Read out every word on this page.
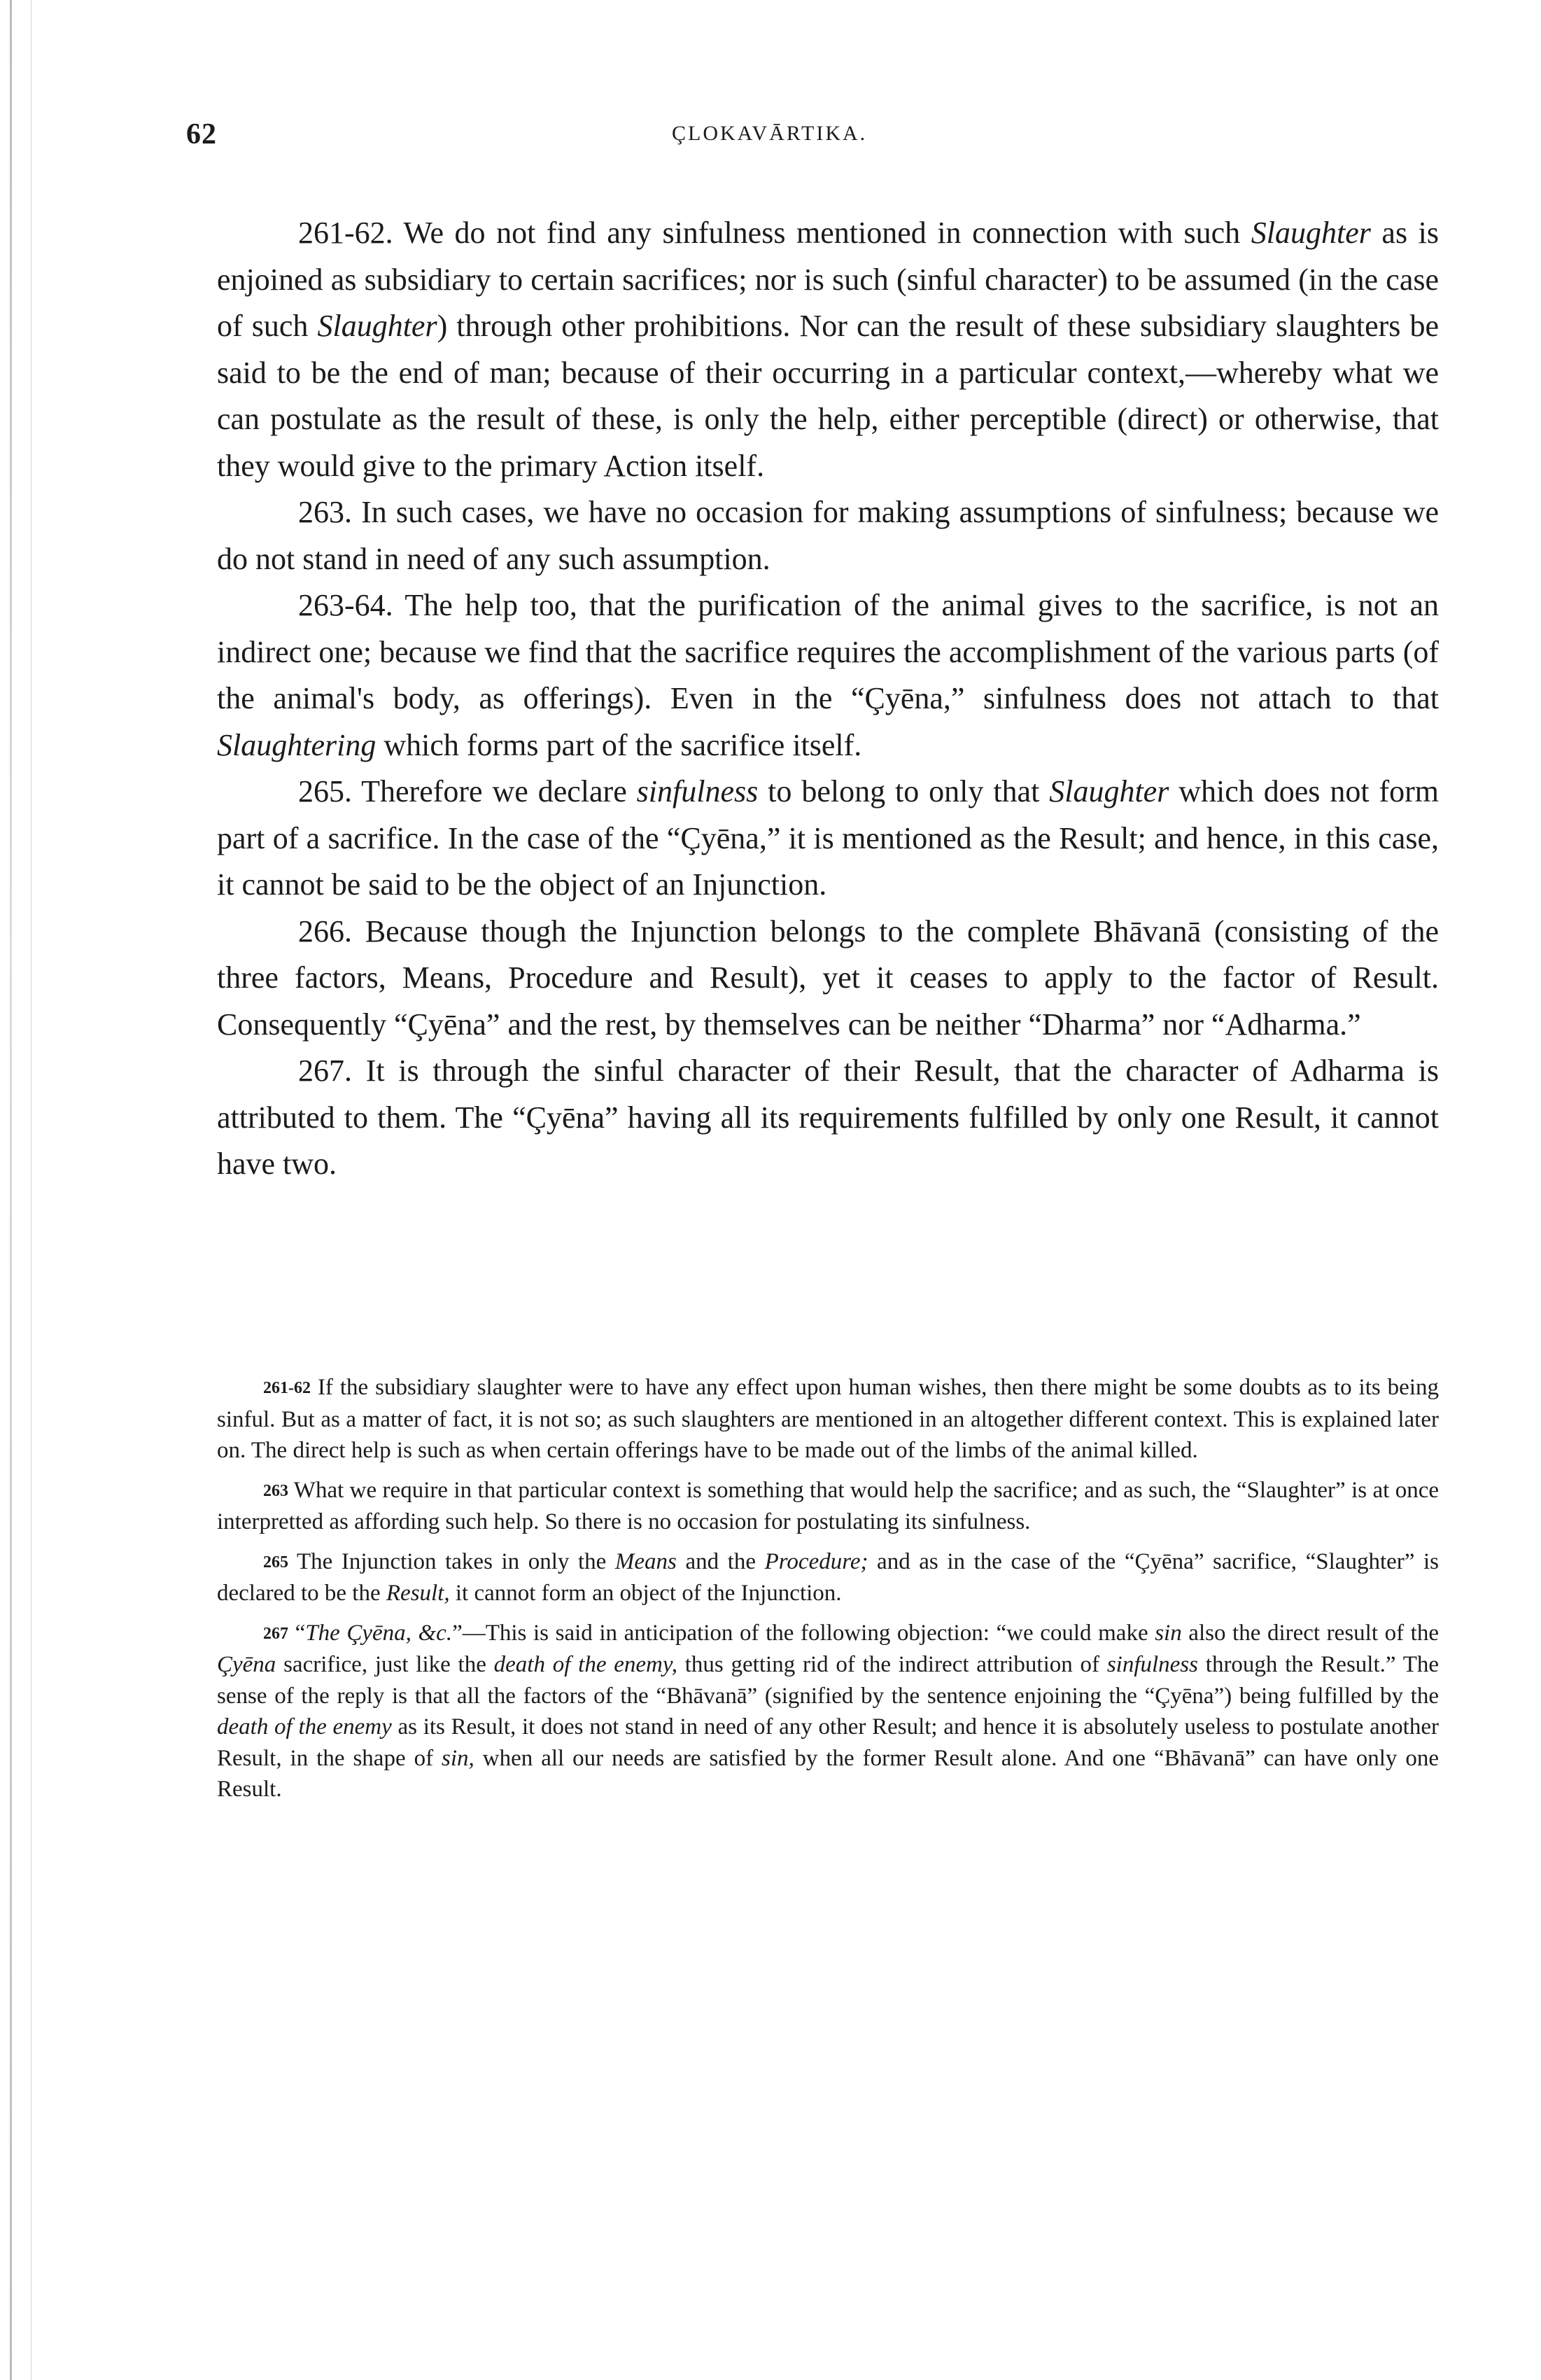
62	ÇLOKAVĀRTIKA.

261-62. We do not find any sinfulness mentioned in connection with such Slaughter as is enjoined as subsidiary to certain sacrifices; nor is such (sinful character) to be assumed (in the case of such Slaughter) through other prohibitions. Nor can the result of these subsidiary slaughters be said to be the end of man; because of their occurring in a particular context,—whereby what we can postulate as the result of these, is only the help, either perceptible (direct) or otherwise, that they would give to the primary Action itself.

263. In such cases, we have no occasion for making assumptions of sinfulness; because we do not stand in need of any such assumption.

263-64. The help too, that the purification of the animal gives to the sacrifice, is not an indirect one; because we find that the sacrifice requires the accomplishment of the various parts (of the animal's body, as offerings). Even in the “Çyēna,” sinfulness does not attach to that Slaughtering which forms part of the sacrifice itself.

265. Therefore we declare sinfulness to belong to only that Slaughter which does not form part of a sacrifice. In the case of the “Çyēna,” it is mentioned as the Result; and hence, in this case, it cannot be said to be the object of an Injunction.

266. Because though the Injunction belongs to the complete Bhāvanā (consisting of the three factors, Means, Procedure and Result), yet it ceases to apply to the factor of Result. Consequently “Çyēna” and the rest, by themselves can be neither “Dharma” nor “Adharma.”

267. It is through the sinful character of their Result, that the character of Adharma is attributed to them. The “Çyēna” having all its requirements fulfilled by only one Result, it cannot have two.

261-62 If the subsidiary slaughter were to have any effect upon human wishes, then there might be some doubts as to its being sinful. But as a matter of fact, it is not so; as such slaughters are mentioned in an altogether different context. This is explained later on. The direct help is such as when certain offerings have to be made out of the limbs of the animal killed.

263 What we require in that particular context is something that would help the sacrifice; and as such, the “Slaughter” is at once interpretted as affording such help. So there is no occasion for postulating its sinfulness.

265 The Injunction takes in only the Means and the Procedure; and as in the case of the “Çyēna” sacrifice, “Slaughter” is declared to be the Result, it cannot form an object of the Injunction.

267 “The Çyēna, &c.”—This is said in anticipation of the following objection: “we could make sin also the direct result of the Çyēna sacrifice, just like the death of the enemy, thus getting rid of the indirect attribution of sinfulness through the Result.” The sense of the reply is that all the factors of the “Bhāvanā” (signified by the sentence enjoining the “Çyēna”) being fulfilled by the death of the enemy as its Result, it does not stand in need of any other Result; and hence it is absolutely useless to postulate another Result, in the shape of sin, when all our needs are satisfied by the former Result alone. And one “Bhāvanā” can have only one Result.
